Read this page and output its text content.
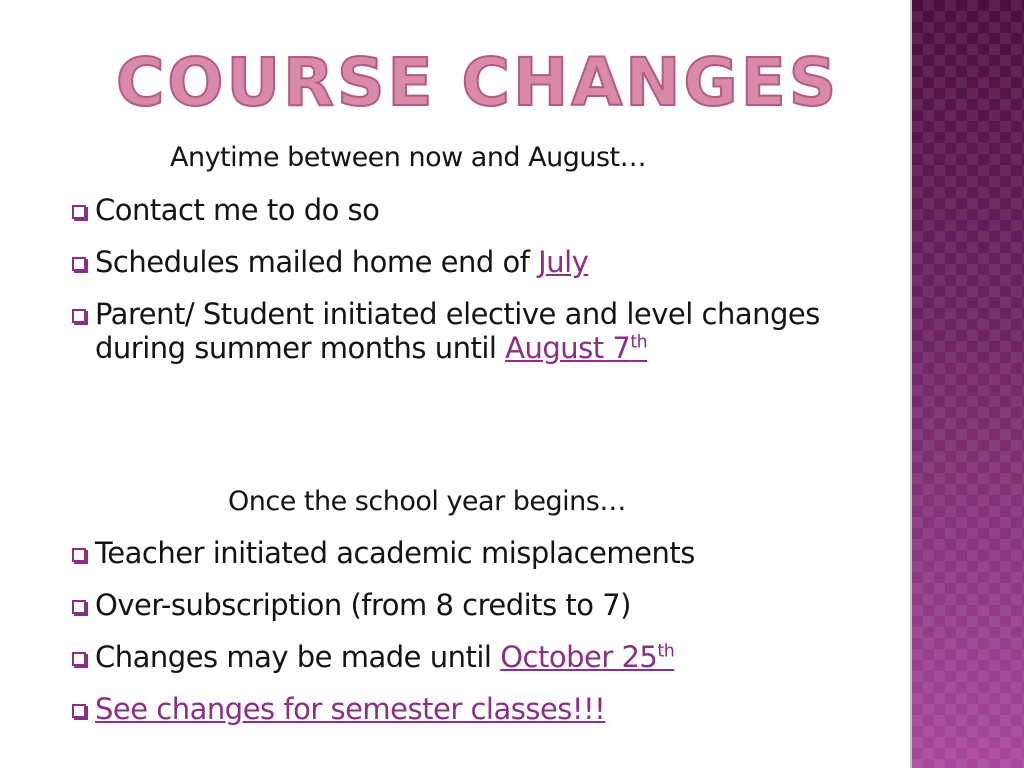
COURSE CHANGES
Anytime between now and August…
Contact me to do so
Schedules mailed home end of July
Parent/ Student initiated elective and level changes during summer months until August 7th
Once the school year begins…
Teacher initiated academic misplacements
Over-subscription (from 8 credits to 7)
Changes may be made until October 25th
See changes for semester classes!!!
